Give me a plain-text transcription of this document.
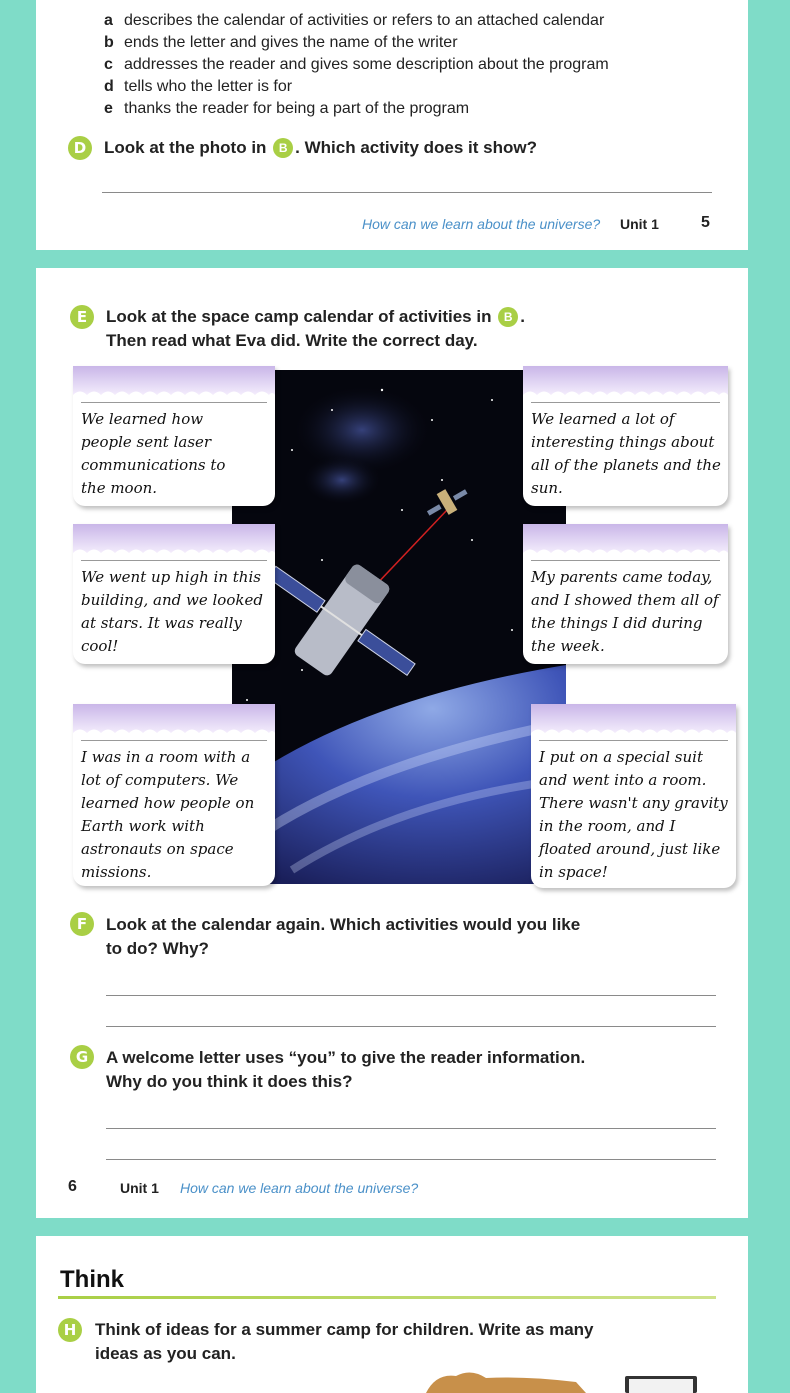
a describes the calendar of activities or refers to an attached calendar
b ends the letter and gives the name of the writer
c addresses the reader and gives some description about the program
d tells who the letter is for
e thanks the reader for being a part of the program
D	Look at the photo in B . Which activity does it show?
How can we learn about the universe? Unit 1	5
E	Look at the space camp calendar of activities in B .
Then read what Eva did. Write the correct day.
We learned how people sent laser communications to the moon.
We learned a lot of interesting things about all of the planets and the sun.
We went up high in this building, and we looked at stars. It was really cool!
My parents came today, and I showed them all of the things I did during the week.
I was in a room with a lot of computers. We learned how people on Earth work with astronauts on space missions.
I put on a special suit and went into a room. There wasn't any gravity in the room, and I floated around, just like in space!
F	Look at the calendar again. Which activities would you like
to do? Why?
G	A welcome letter uses “you” to give the reader information.
Why do you think it does this?
6	Unit 1 How can we learn about the universe?
Think
H	Think of ideas for a summer camp for children. Write as many
ideas as you can.
